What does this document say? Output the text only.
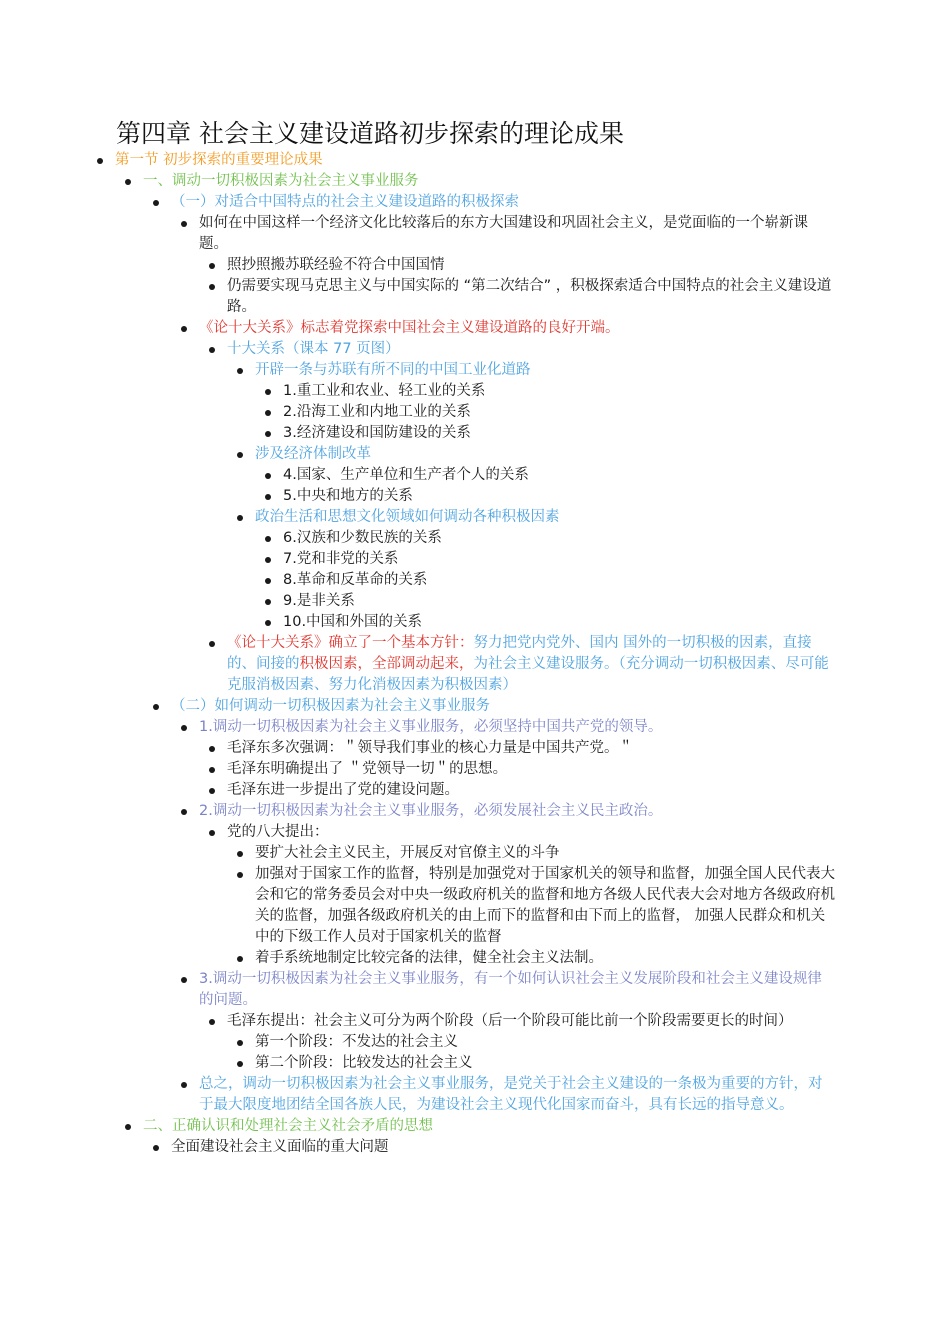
第四章 社会主义建设道路初步探索的理论成果
第一节 初步探索的重要理论成果
一、调动一切积极因素为社会主义事业服务
（一）对适合中国特点的社会主义建设道路的积极探索
如何在中国这样一个经济文化比较落后的东方大国建设和巩固社会主义，是党面临的一个崭新课题。
照抄照搬苏联经验不符合中国国情
仍需要实现马克思主义与中国实际的 “第二次结合” ，积极探索适合中国特点的社会主义建设道路。
《论十大关系》标志着党探索中国社会主义建设道路的良好开端。
十大关系（课本 77 页图）
开辟一条与苏联有所不同的中国工业化道路
1.重工业和农业、轻工业的关系
2.沿海工业和内地工业的关系
3.经济建设和国防建设的关系
涉及经济体制改革
4.国家、生产单位和生产者个人的关系
5.中央和地方的关系
政治生活和思想文化领域如何调动各种积极因素
6.汉族和少数民族的关系
7.党和非党的关系
8.革命和反革命的关系
9.是非关系
10.中国和外国的关系
《论十大关系》确立了一个基本方针：努力把党内党外、国内 国外的一切积极的因素，直接的、间接的积极因素，全部调动起来，为社会主义建设服务。（充分调动一切积极因素、尽可能克服消极因素、努力化消极因素为积极因素）
（二）如何调动一切积极因素为社会主义事业服务
1.调动一切积极因素为社会主义事业服务，必须坚持中国共产党的领导。
毛泽东多次强调：＂领导我们事业的核心力量是中国共产党。＂
毛泽东明确提出了 ＂党领导一切＂的思想。
毛泽东进一步提出了党的建设问题。
2.调动一切积极因素为社会主义事业服务，必须发展社会主义民主政治。
党的八大提出：
要扩大社会主义民主，开展反对官僚主义的斗争
加强对于国家工作的监督，特别是加强党对于国家机关的领导和监督，加强全国人民代表大会和它的常务委员会对中央一级政府机关的监督和地方各级人民代表大会对地方各级政府机关的监督，加强各级政府机关的由上而下的监督和由下而上的监督， 加强人民群众和机关中的下级工作人员对于国家机关的监督
着手系统地制定比较完备的法律，健全社会主义法制。
3.调动一切积极因素为社会主义事业服务，有一个如何认识社会主义发展阶段和社会主义建设规律的问题。
毛泽东提出：社会主义可分为两个阶段（后一个阶段可能比前一个阶段需要更长的时间）
第一个阶段：不发达的社会主义
第二个阶段：比较发达的社会主义
总之，调动一切积极因素为社会主义事业服务，是党关于社会主义建设的一条极为重要的方针，对于最大限度地团结全国各族人民，为建设社会主义现代化国家而奋斗，具有长远的指导意义。
二、正确认识和处理社会主义社会矛盾的思想
全面建设社会主义面临的重大问题
